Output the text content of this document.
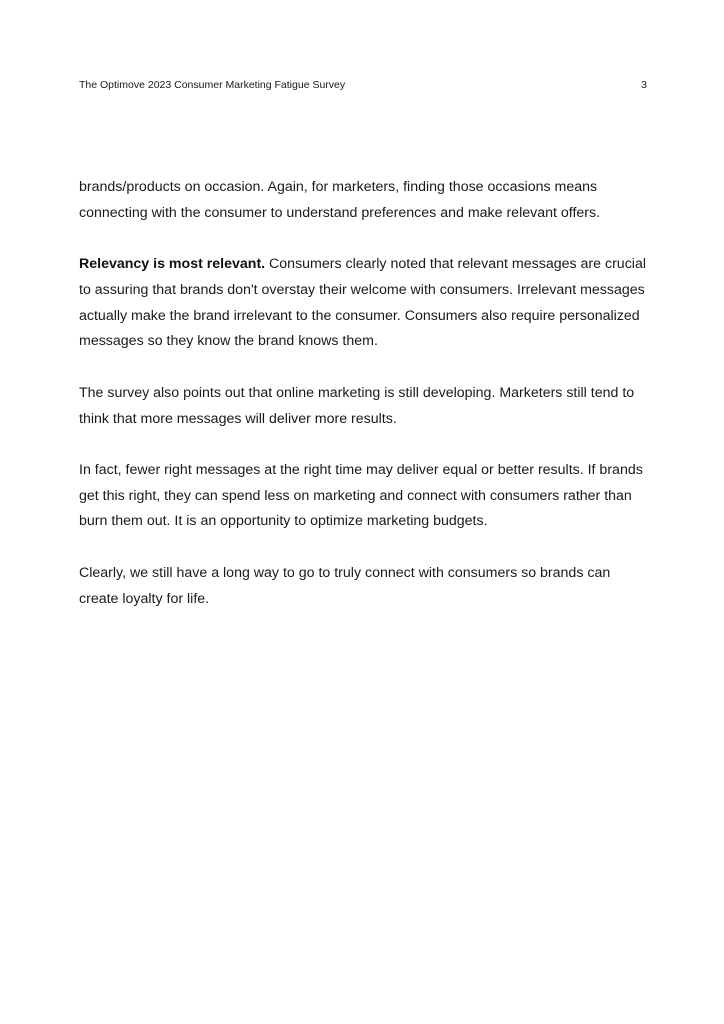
The Optimove 2023 Consumer Marketing Fatigue Survey	3

brands/products on occasion. Again, for marketers, finding those occasions means connecting with the consumer to understand preferences and make relevant offers.

Relevancy is most relevant. Consumers clearly noted that relevant messages are crucial to assuring that brands don't overstay their welcome with consumers. Irrelevant messages actually make the brand irrelevant to the consumer. Consumers also require personalized messages so they know the brand knows them.

The survey also points out that online marketing is still developing. Marketers still tend to think that more messages will deliver more results.

In fact, fewer right messages at the right time may deliver equal or better results. If brands get this right, they can spend less on marketing and connect with consumers rather than burn them out. It is an opportunity to optimize marketing budgets.

Clearly, we still have a long way to go to truly connect with consumers so brands can create loyalty for life.
